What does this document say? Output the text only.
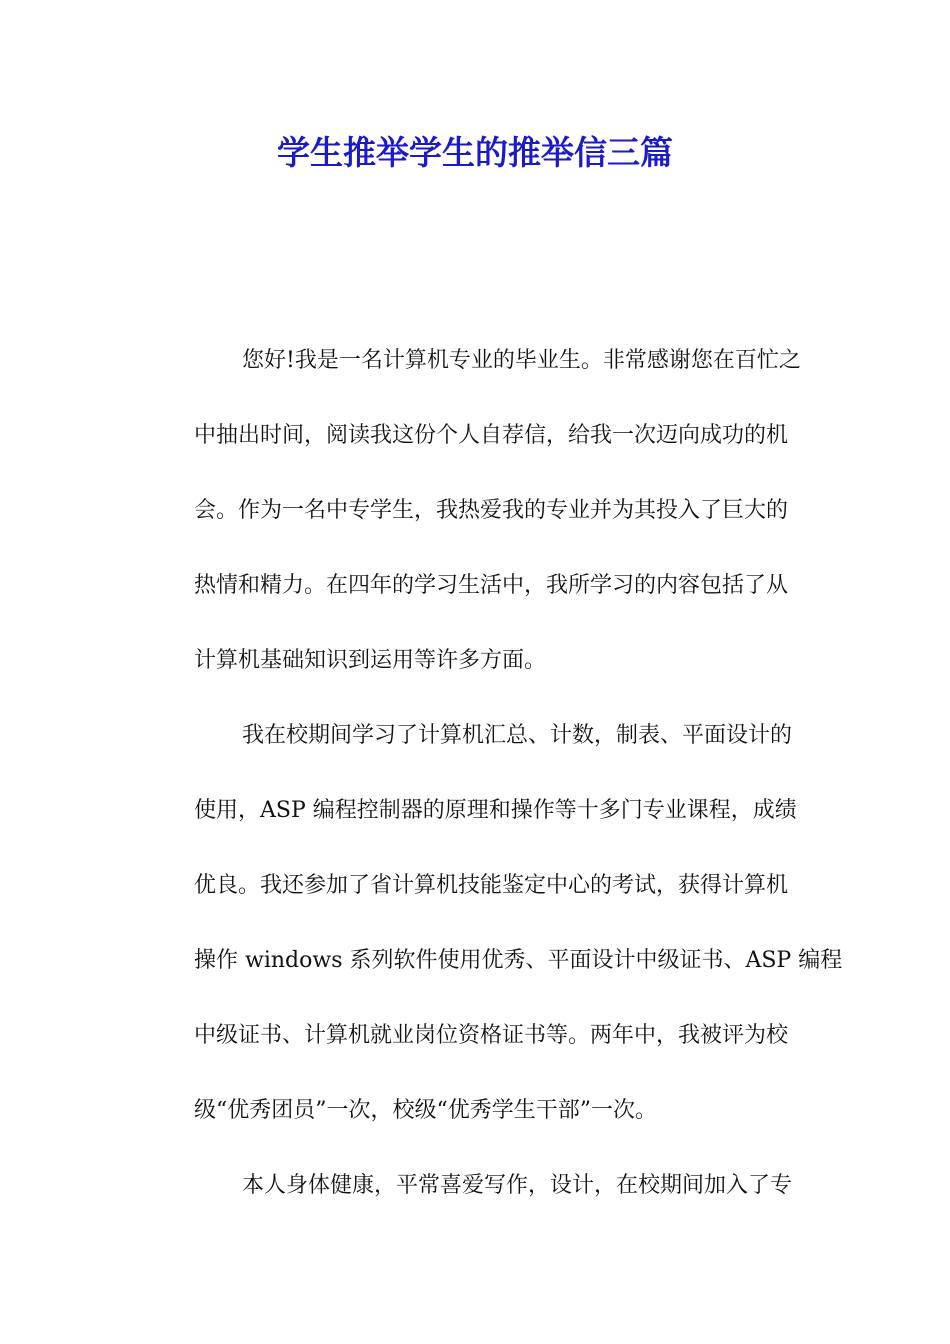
学生推举学生的推举信三篇
您好!我是一名计算机专业的毕业生。非常感谢您在百忙之
中抽出时间，阅读我这份个人自荐信，给我一次迈向成功的机
会。作为一名中专学生，我热爱我的专业并为其投入了巨大的
热情和精力。在四年的学习生活中，我所学习的内容包括了从
计算机基础知识到运用等许多方面。
我在校期间学习了计算机汇总、计数，制表、平面设计的
使用，ASP 编程控制器的原理和操作等十多门专业课程，成绩
优良。我还参加了省计算机技能鉴定中心的考试，获得计算机
操作 windows 系列软件使用优秀、平面设计中级证书、ASP 编程
中级证书、计算机就业岗位资格证书等。两年中，我被评为校
级“优秀团员”一次，校级“优秀学生干部”一次。
本人身体健康，平常喜爱写作，设计，在校期间加入了专
